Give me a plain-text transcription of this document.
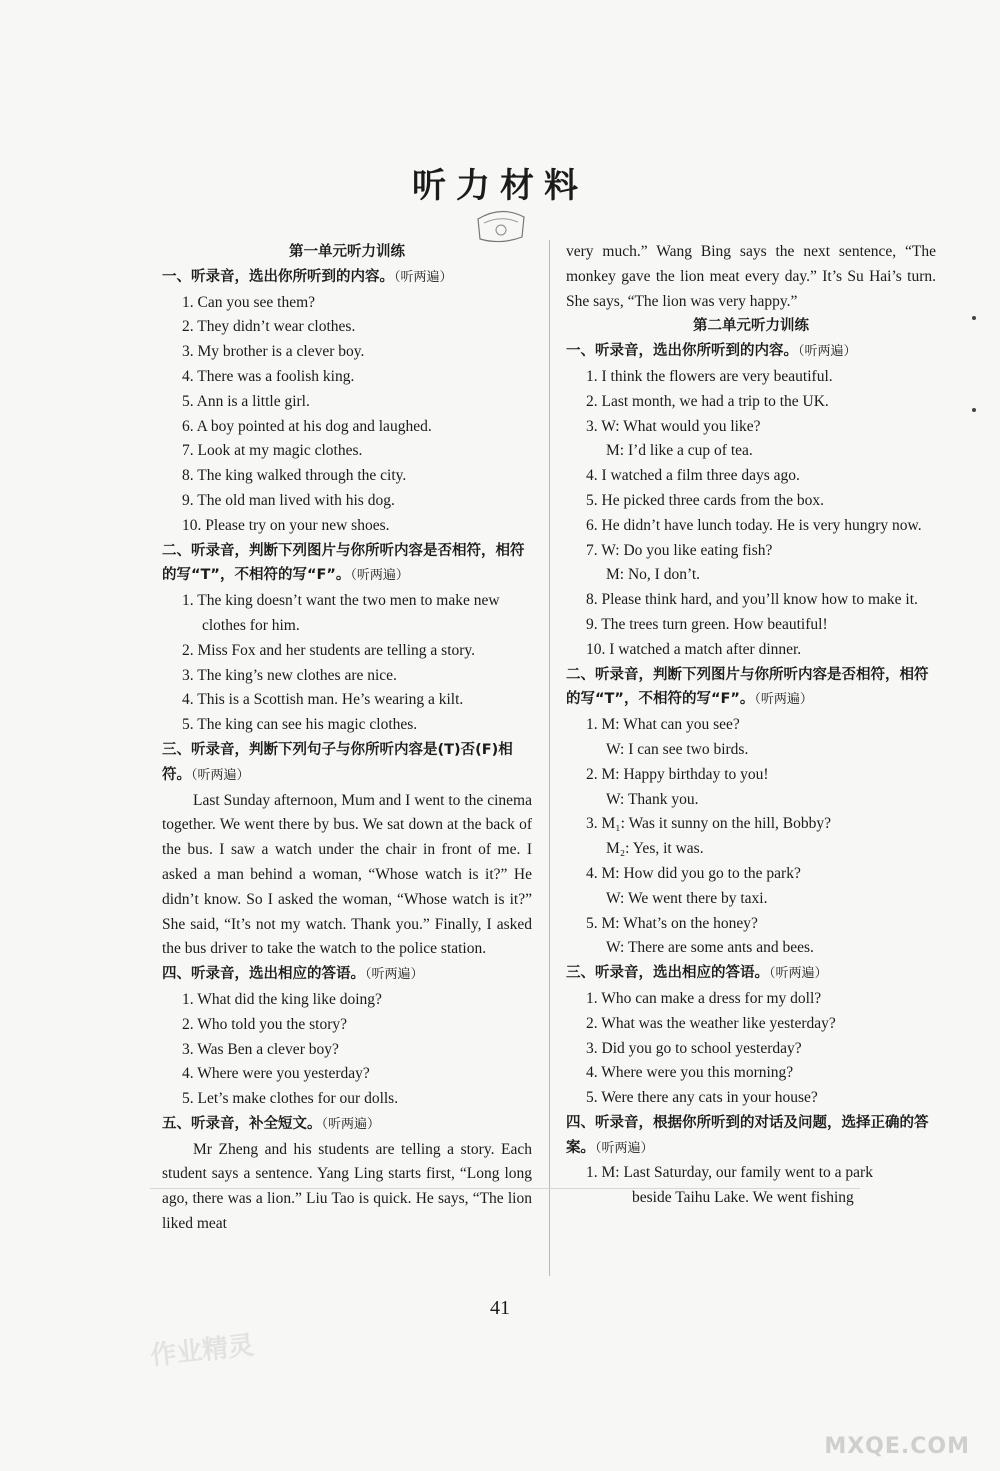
听力材料
第一单元听力训练
一、听录音，选出你所听到的内容。（听两遍）
1. Can you see them?
2. They didn’t wear clothes.
3. My brother is a clever boy.
4. There was a foolish king.
5. Ann is a little girl.
6. A boy pointed at his dog and laughed.
7. Look at my magic clothes.
8. The king walked through the city.
9. The old man lived with his dog.
10. Please try on your new shoes.
二、听录音，判断下列图片与你所听内容是否相符，相符的写“T”，不相符的写“F”。（听两遍）
1. The king doesn’t want the two men to make new clothes for him.
2. Miss Fox and her students are telling a story.
3. The king’s new clothes are nice.
4. This is a Scottish man. He’s wearing a kilt.
5. The king can see his magic clothes.
三、听录音，判断下列句子与你所听内容是(T)否(F)相符。（听两遍）
Last Sunday afternoon, Mum and I went to the cinema together. We went there by bus. We sat down at the back of the bus. I saw a watch under the chair in front of me. I asked a man behind a woman, “Whose watch is it?” He didn’t know. So I asked the woman, “Whose watch is it?” She said, “It’s not my watch. Thank you.” Finally, I asked the bus driver to take the watch to the police station.
四、听录音，选出相应的答语。（听两遍）
1. What did the king like doing?
2. Who told you the story?
3. Was Ben a clever boy?
4. Where were you yesterday?
5. Let’s make clothes for our dolls.
五、听录音，补全短文。（听两遍）
Mr Zheng and his students are telling a story. Each student says a sentence. Yang Ling starts first, “Long long ago, there was a lion.” Liu Tao is quick. He says, “The lion liked meat
very much.” Wang Bing says the next sentence, “The monkey gave the lion meat every day.” It’s Su Hai’s turn. She says, “The lion was very happy.”
第二单元听力训练
一、听录音，选出你所听到的内容。（听两遍）
1. I think the flowers are very beautiful.
2. Last month, we had a trip to the UK.
3. W: What would you like?
M: I’d like a cup of tea.
4. I watched a film three days ago.
5. He picked three cards from the box.
6. He didn’t have lunch today. He is very hungry now.
7. W: Do you like eating fish?
M: No, I don’t.
8. Please think hard, and you’ll know how to make it.
9. The trees turn green. How beautiful!
10. I watched a match after dinner.
二、听录音，判断下列图片与你所听内容是否相符，相符的写“T”，不相符的写“F”。（听两遍）
1. M: What can you see?
W: I can see two birds.
2. M: Happy birthday to you!
W: Thank you.
3. M₁: Was it sunny on the hill, Bobby?
M₂: Yes, it was.
4. M: How did you go to the park?
W: We went there by taxi.
5. M: What’s on the honey?
W: There are some ants and bees.
三、听录音，选出相应的答语。（听两遍）
1. Who can make a dress for my doll?
2. What was the weather like yesterday?
3. Did you go to school yesterday?
4. Where were you this morning?
5. Were there any cats in your house?
四、听录音，根据你所听到的对话及问题，选择正确的答案。（听两遍）
1. M: Last Saturday, our family went to a park
beside Taihu Lake. We went fishing
41
作业精灵
MXQE.COM
